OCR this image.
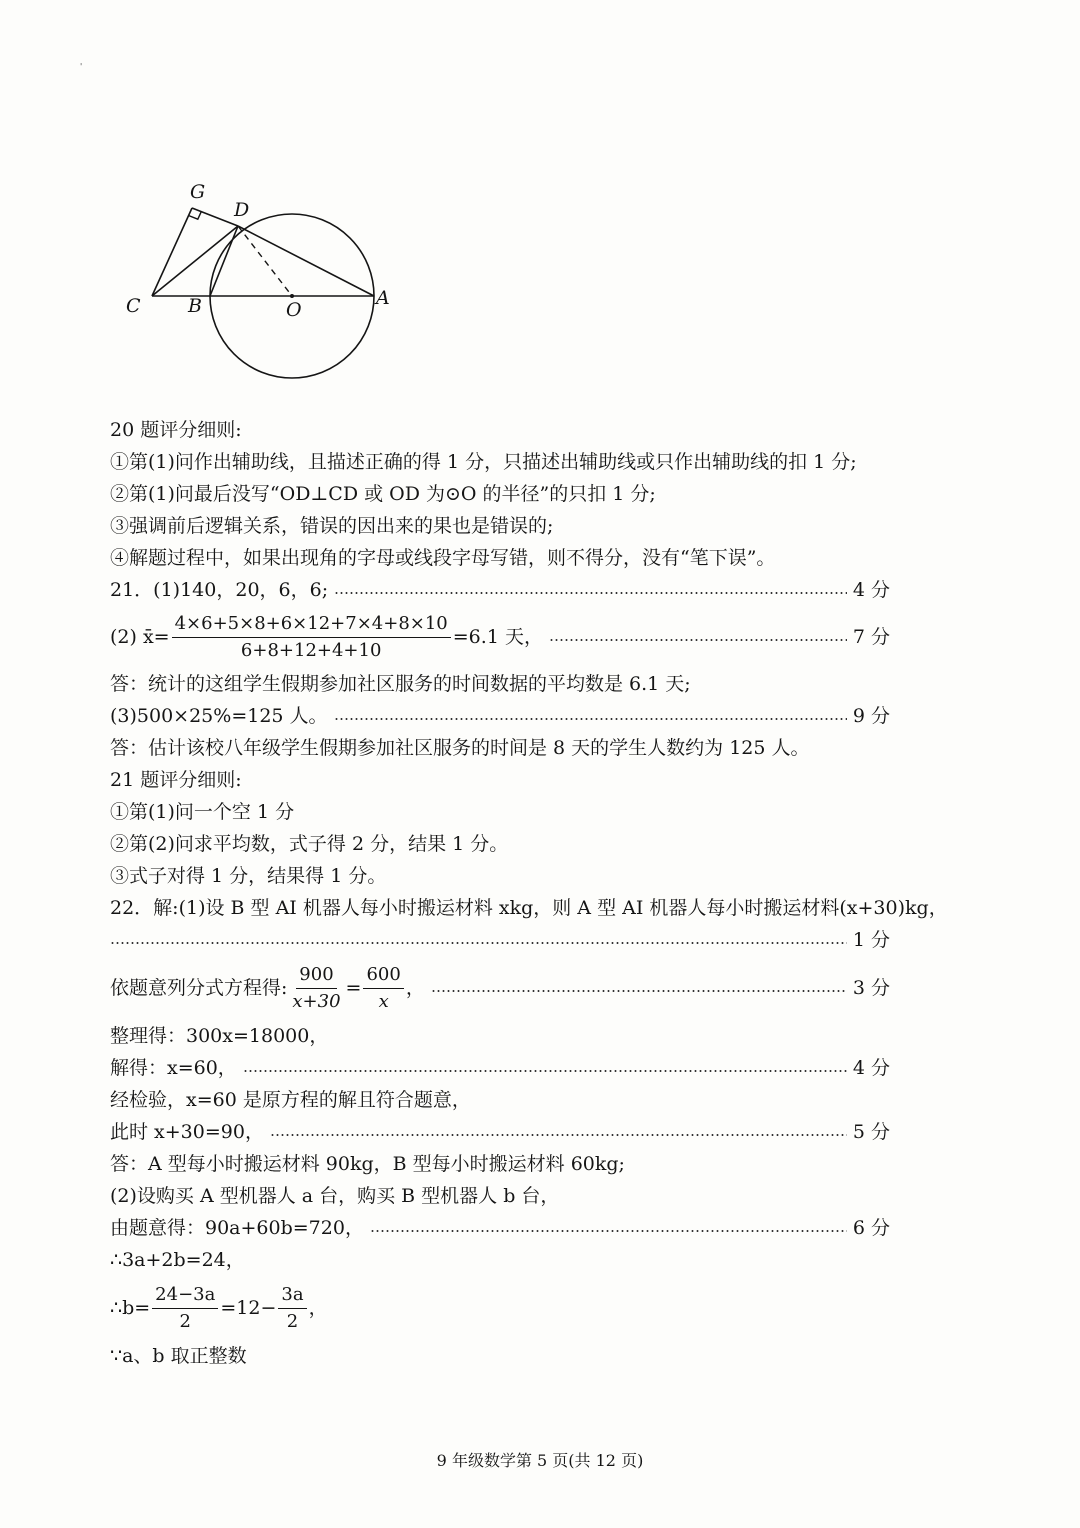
'
G
D
C B	O
A
20 题评分细则:
①第(1)问作出辅助线，且描述正确的得 1 分，只描述出辅助线或只作出辅助线的扣 1 分;
②第(1)问最后没写“OD⊥CD 或 OD 为⊙O 的半径”的只扣 1 分;
③强调前后逻辑关系，错误的因出来的果也是错误的;
④解题过程中，如果出现角的字母或线段字母写错，则不得分，没有“笔下误”。
21．(1)140，20，6，6;	4 分
(2) x̄= $\frac{4\times 6+5\times 8+6\times 12+7\times 4+8\times 10}{6+8+12+4+10} =6.1$ 天，	7 分
答：统计的这组学生假期参加社区服务的时间数据的平均数是 6.1 天;
(3)500×25%=125 人。	9 分
答：估计该校八年级学生假期参加社区服务的时间是 8 天的学生人数约为 125 人。
21 题评分细则:
①第(1)问一个空 1 分
②第(2)问求平均数，式子得 2 分，结果 1 分。
③式子对得 1 分，结果得 1 分。
22．解:(1)设 B 型 AI 机器人每小时搬运材料 xkg，则 A 型 AI 机器人每小时搬运材料(x+30)kg，
1 分
依题意列分式方程得: $\frac{900}{x+30} = \frac{600}{x}$ ，	3 分
整理得：300x=18000，
解得：x=60，	4 分
经检验，x=60 是原方程的解且符合题意，
此时 x+30=90，	5 分
答：A 型每小时搬运材料 90kg，B 型每小时搬运材料 60kg;
(2)设购买 A 型机器人 a 台，购买 B 型机器人 b 台，
由题意得：90a+60b=720，	6 分
∴3a+2b=24，
∴b= $\frac{24-3a}{2} =12- \frac{3a}{2}$ ，
∵a、b 取正整数
9 年级数学第 5 页(共 12 页)
